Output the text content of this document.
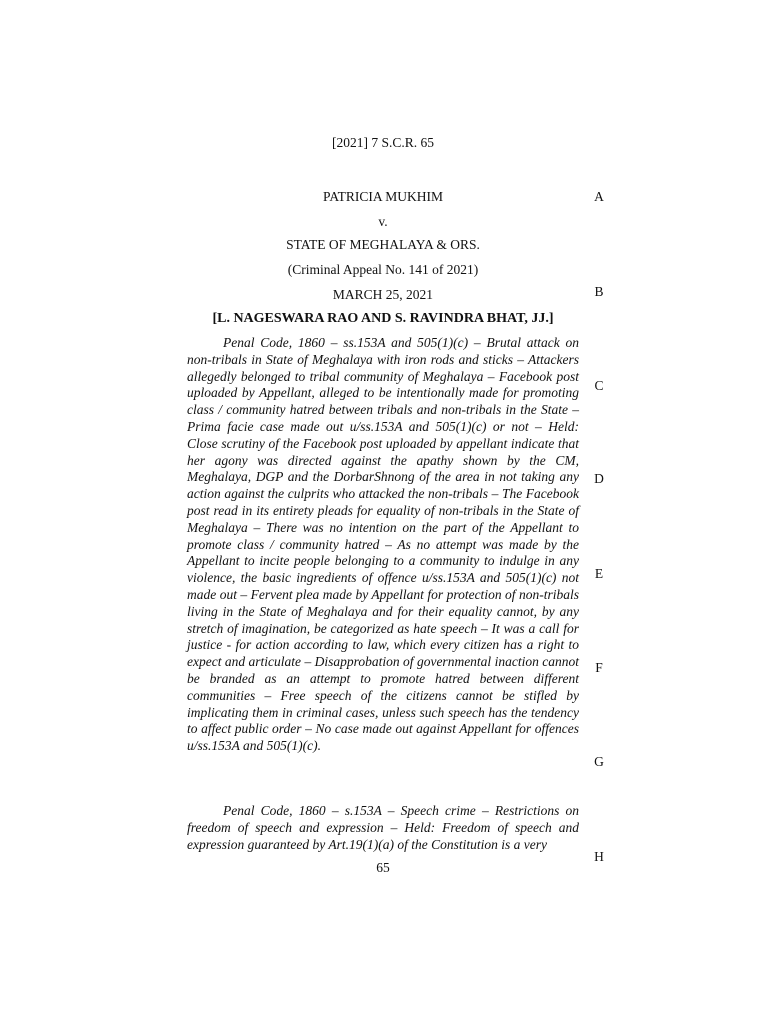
[2021] 7 S.C.R. 65
PATRICIA MUKHIM
v.
STATE OF MEGHALAYA & ORS.
(Criminal Appeal No. 141 of 2021)
MARCH 25, 2021
[L. NAGESWARA RAO AND S. RAVINDRA BHAT, JJ.]

Penal Code, 1860 – ss.153A and 505(1)(c) – Brutal attack on non-tribals in State of Meghalaya with iron rods and sticks – Attackers allegedly belonged to tribal community of Meghalaya – Facebook post uploaded by Appellant, alleged to be intentionally made for promoting class / community hatred between tribals and non-tribals in the State – Prima facie case made out u/ss.153A and 505(1)(c) or not – Held: Close scrutiny of the Facebook post uploaded by appellant indicate that her agony was directed against the apathy shown by the CM, Meghalaya, DGP and the DorbarShnong of the area in not taking any action against the culprits who attacked the non-tribals – The Facebook post read in its entirety pleads for equality of non-tribals in the State of Meghalaya – There was no intention on the part of the Appellant to promote class / community hatred – As no attempt was made by the Appellant to incite people belonging to a community to indulge in any violence, the basic ingredients of offence u/ss.153A and 505(1)(c) not made out – Fervent plea made by Appellant for protection of non-tribals living in the State of Meghalaya and for their equality cannot, by any stretch of imagination, be categorized as hate speech – It was a call for justice - for action according to law, which every citizen has a right to expect and articulate – Disapprobation of governmental inaction cannot be branded as an attempt to promote hatred between different communities – Free speech of the citizens cannot be stifled by implicating them in criminal cases, unless such speech has the tendency to affect public order – No case made out against Appellant for offences u/ss.153A and 505(1)(c).

Penal Code, 1860 – s.153A – Speech crime – Restrictions on freedom of speech and expression – Held: Freedom of speech and expression guaranteed by Art.19(1)(a) of the Constitution is a very

65
A
B
C
D
E
F
G
H
